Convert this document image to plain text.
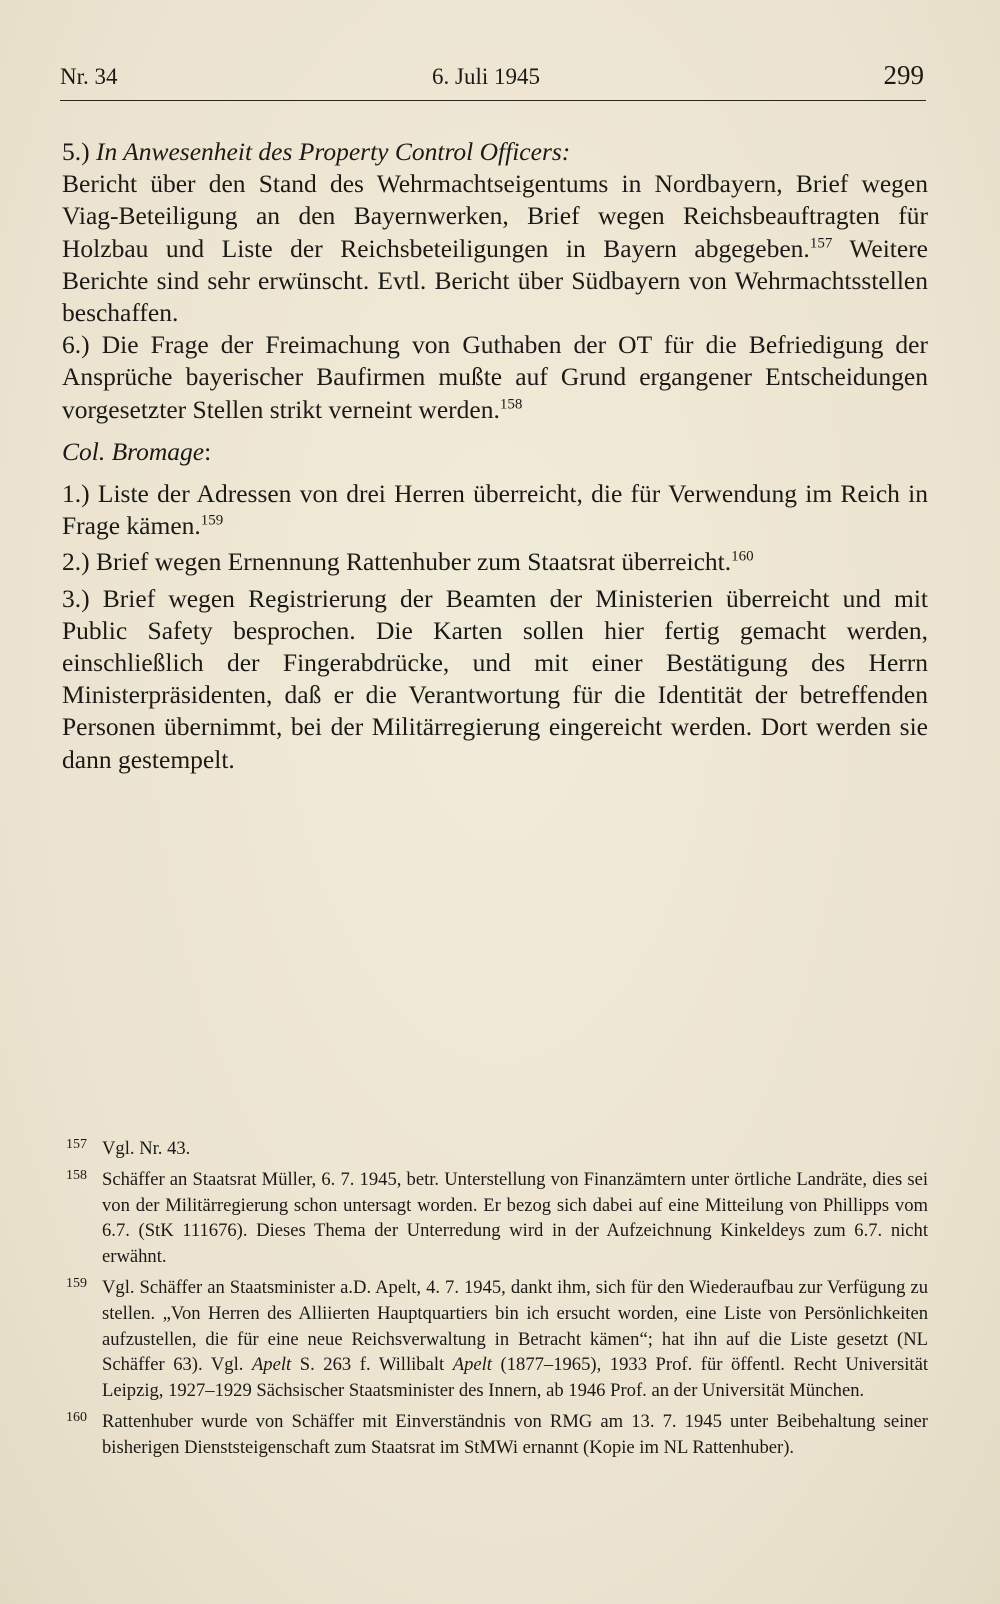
Nr. 34	6. Juli 1945	299

5.) In Anwesenheit des Property Control Officers:
Bericht über den Stand des Wehrmachtseigentums in Nordbayern, Brief wegen Viag-Beteiligung an den Bayernwerken, Brief wegen Reichsbeauftragten für Holzbau und Liste der Reichsbeteiligungen in Bayern abgegeben.$^{157}$ Weitere Berichte sind sehr erwünscht. Evtl. Bericht über Südbayern von Wehrmachtsstellen beschaffen.

6.) Die Frage der Freimachung von Guthaben der OT für die Befriedigung der Ansprüche bayerischer Baufirmen mußte auf Grund ergangener Entscheidungen vorgesetzter Stellen strikt verneint werden.$^{158}$

Col. Bromage:

1.) Liste der Adressen von drei Herren überreicht, die für Verwendung im Reich in Frage kämen.$^{159}$

2.) Brief wegen Ernennung Rattenhuber zum Staatsrat überreicht.$^{160}$

3.) Brief wegen Registrierung der Beamten der Ministerien überreicht und mit Public Safety besprochen. Die Karten sollen hier fertig gemacht werden, einschließlich der Fingerabdrücke, und mit einer Bestätigung des Herrn Ministerpräsidenten, daß er die Verantwortung für die Identität der betreffenden Personen übernimmt, bei der Militärregierung eingereicht werden. Dort werden sie dann gestempelt.

157 Vgl. Nr. 43.
158 Schäffer an Staatsrat Müller, 6. 7. 1945, betr. Unterstellung von Finanzämtern unter örtliche Landräte, dies sei von der Militärregierung schon untersagt worden. Er bezog sich dabei auf eine Mitteilung von Phillipps vom 6.7. (StK 111676). Dieses Thema der Unterredung wird in der Aufzeichnung Kinkeldeys zum 6.7. nicht erwähnt.
159 Vgl. Schäffer an Staatsminister a.D. Apelt, 4. 7. 1945, dankt ihm, sich für den Wiederaufbau zur Verfügung zu stellen. „Von Herren des Alliierten Hauptquartiers bin ich ersucht worden, eine Liste von Persönlichkeiten aufzustellen, die für eine neue Reichsverwaltung in Betracht kämen“; hat ihn auf die Liste gesetzt (NL Schäffer 63). Vgl. Apelt S. 263 f. Willibalt Apelt (1877–1965), 1933 Prof. für öffentl. Recht Universität Leipzig, 1927–1929 Sächsischer Staatsminister des Innern, ab 1946 Prof. an der Universität München.
160 Rattenhuber wurde von Schäffer mit Einverständnis von RMG am 13. 7. 1945 unter Beibehaltung seiner bisherigen Dienststeigenschaft zum Staatsrat im StMWi ernannt (Kopie im NL Rattenhuber).
